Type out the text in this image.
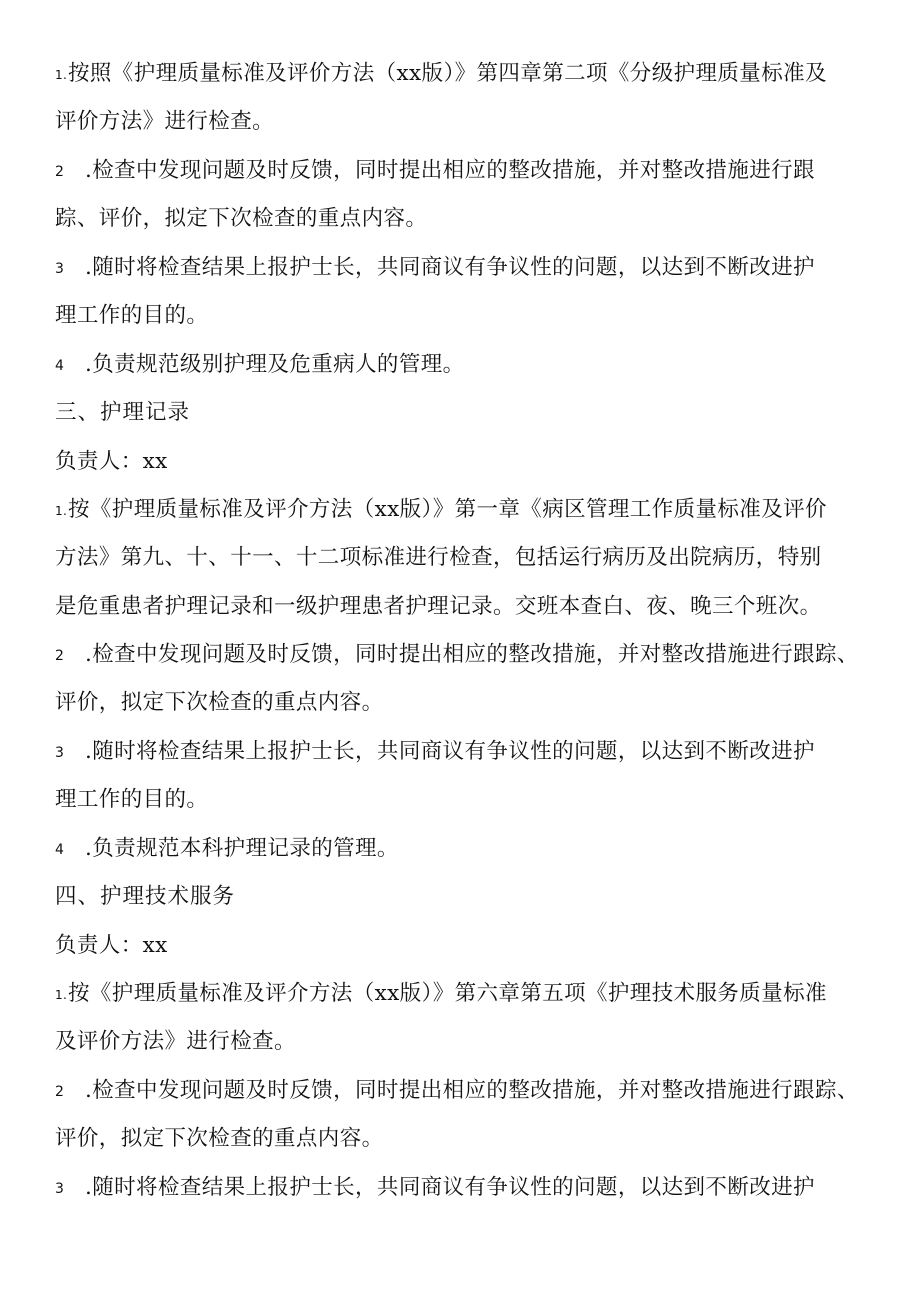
1.按照《护理质量标准及评价方法（xx版）》第四章第二项《分级护理质量标准及
评价方法》进行检查。
2 .检查中发现问题及时反馈，同时提出相应的整改措施，并对整改措施进行跟
踪、评价，拟定下次检查的重点内容。
3 .随时将检查结果上报护士长，共同商议有争议性的问题，以达到不断改进护
理工作的目的。
4 .负责规范级别护理及危重病人的管理。
三、护理记录
负责人：xx
1.按《护理质量标准及评介方法（xx版）》第一章《病区管理工作质量标准及评价
方法》第九、十、十一、十二项标准进行检查，包括运行病历及出院病历，特别
是危重患者护理记录和一级护理患者护理记录。交班本查白、夜、晚三个班次。
2 .检查中发现问题及时反馈，同时提出相应的整改措施，并对整改措施进行跟踪、
评价，拟定下次检查的重点内容。
3 .随时将检查结果上报护士长，共同商议有争议性的问题，以达到不断改进护
理工作的目的。
4 .负责规范本科护理记录的管理。
四、护理技术服务
负责人：xx
1.按《护理质量标准及评介方法（xx版）》第六章第五项《护理技术服务质量标准
及评价方法》进行检查。
2 .检查中发现问题及时反馈，同时提出相应的整改措施，并对整改措施进行跟踪、
评价，拟定下次检查的重点内容。
3 .随时将检查结果上报护士长，共同商议有争议性的问题，以达到不断改进护
